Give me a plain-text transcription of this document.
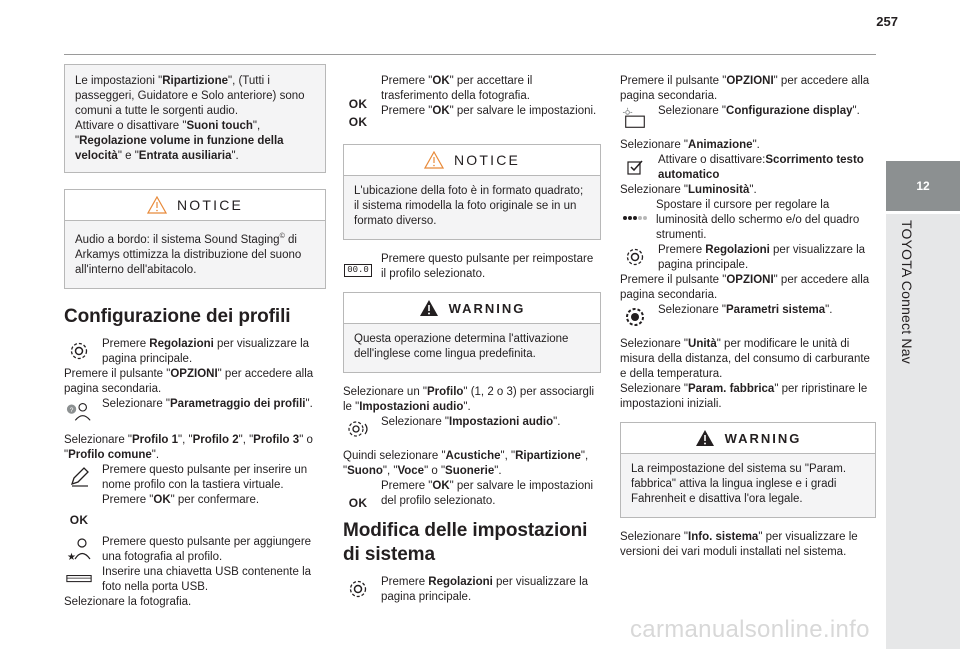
257
12
TOYOTA Connect Nav

Le impostazioni "Ripartizione", (Tutti i passeggeri, Guidatore e Solo anteriore) sono comuni a tutte le sorgenti audio.
Attivare o disattivare "Suoni touch", "Regolazione volume in funzione della velocità" e "Entrata ausiliaria".

NOTICE

Audio a bordo: il sistema Sound Staging© di Arkamys ottimizza la distribuzione del suono all'interno dell'abitacolo.

Configurazione dei profili

Premere Regolazioni per visualizzare la pagina principale.

Premere il pulsante "OPZIONI" per accedere alla pagina secondaria.

?

Selezionare "Parametraggio dei profili".

Selezionare "Profilo 1", "Profilo 2", "Profilo 3" o "Profilo comune".

Premere questo pulsante per inserire un nome profilo con la tastiera virtuale.

OK

Premere "OK" per confermare.

★

Premere questo pulsante per aggiungere una fotografia al profilo.

Inserire una chiavetta USB contenente la foto nella porta USB.

Selezionare la fotografia.

OK

Premere "OK" per accettare il trasferimento della fotografia.

OK

Premere "OK" per salvare le impostazioni.

NOTICE

L'ubicazione della foto è in formato quadrato; il sistema rimodella la foto originale se in un formato diverso.

00.0

Premere questo pulsante per reimpostare il profilo selezionato.

WARNING

Questa operazione determina l'attivazione dell'inglese come lingua predefinita.

Selezionare un "Profilo" (1, 2 o 3) per associargli le "Impostazioni audio".

Selezionare "Impostazioni audio".

Quindi selezionare "Acustiche", "Ripartizione", "Suono", "Voce" o "Suonerie".

OK

Premere "OK" per salvare le impostazioni del profilo selezionato.

Modifica delle impostazioni di sistema

Premere Regolazioni per visualizzare la pagina principale.

Premere il pulsante "OPZIONI" per accedere alla pagina secondaria.

Selezionare "Configurazione display".

Selezionare "Animazione".

Attivare o disattivare:Scorrimento testo automatico

Selezionare "Luminosità".

Spostare il cursore per regolare la luminosità dello schermo e/o del quadro strumenti.

Premere Regolazioni per visualizzare la pagina principale.

Premere il pulsante "OPZIONI" per accedere alla pagina secondaria.

Selezionare "Parametri sistema".

Selezionare "Unità" per modificare le unità di misura della distanza, del consumo di carburante e della temperatura.

Selezionare "Param. fabbrica" per ripristinare le impostazioni iniziali.

WARNING

La reimpostazione del sistema su "Param. fabbrica" attiva la lingua inglese e i gradi Fahrenheit e disattiva l'ora legale.

Selezionare "Info. sistema" per visualizzare le versioni dei vari moduli installati nel sistema.

carmanualsonline.info
